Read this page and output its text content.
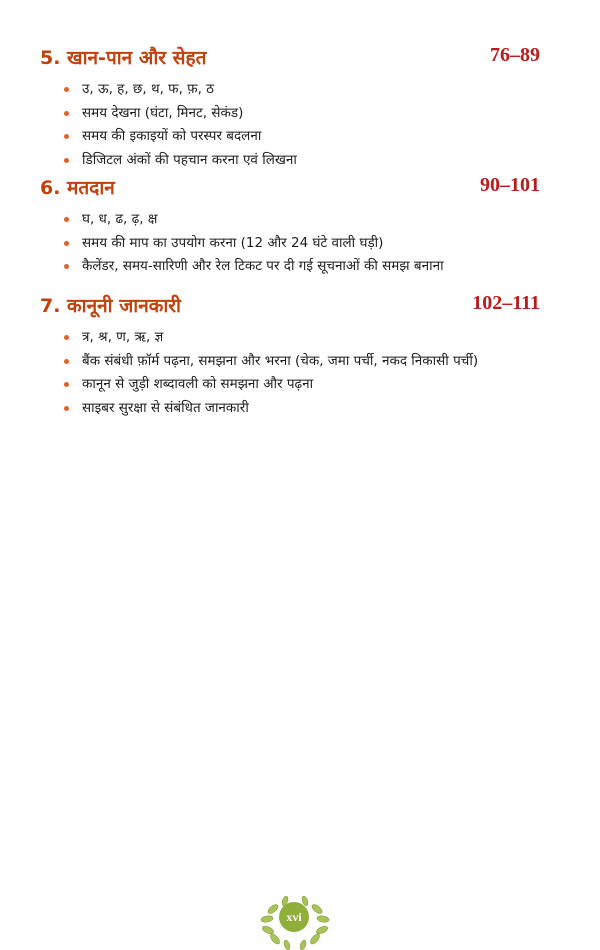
5. खान-पान और सेहत	76–89
उ, ऊ, ह, छ, थ, फ, फ़, ठ
समय देखना (घंटा, मिनट, सेकंड)
समय की इकाइयों को परस्पर बदलना
डिजिटल अंकों की पहचान करना एवं लिखना
6. मतदान	90–101
घ, ध, ढ, ढ़, क्ष
समय की माप का उपयोग करना (12 और 24 घंटे वाली घड़ी)
कैलेंडर, समय-सारिणी और रेल टिकट पर दी गई सूचनाओं की समझ बनाना
7. कानूनी जानकारी	102–111
त्र, श्र, ण, ऋ, ज्ञ
बैंक संबंधी फ़ॉर्म पढ़ना, समझना और भरना (चेक, जमा पर्ची, नकद निकासी पर्ची)
कानून से जुड़ी शब्दावली को समझना और पढ़ना
साइबर सुरक्षा से संबंधित जानकारी
xvi
